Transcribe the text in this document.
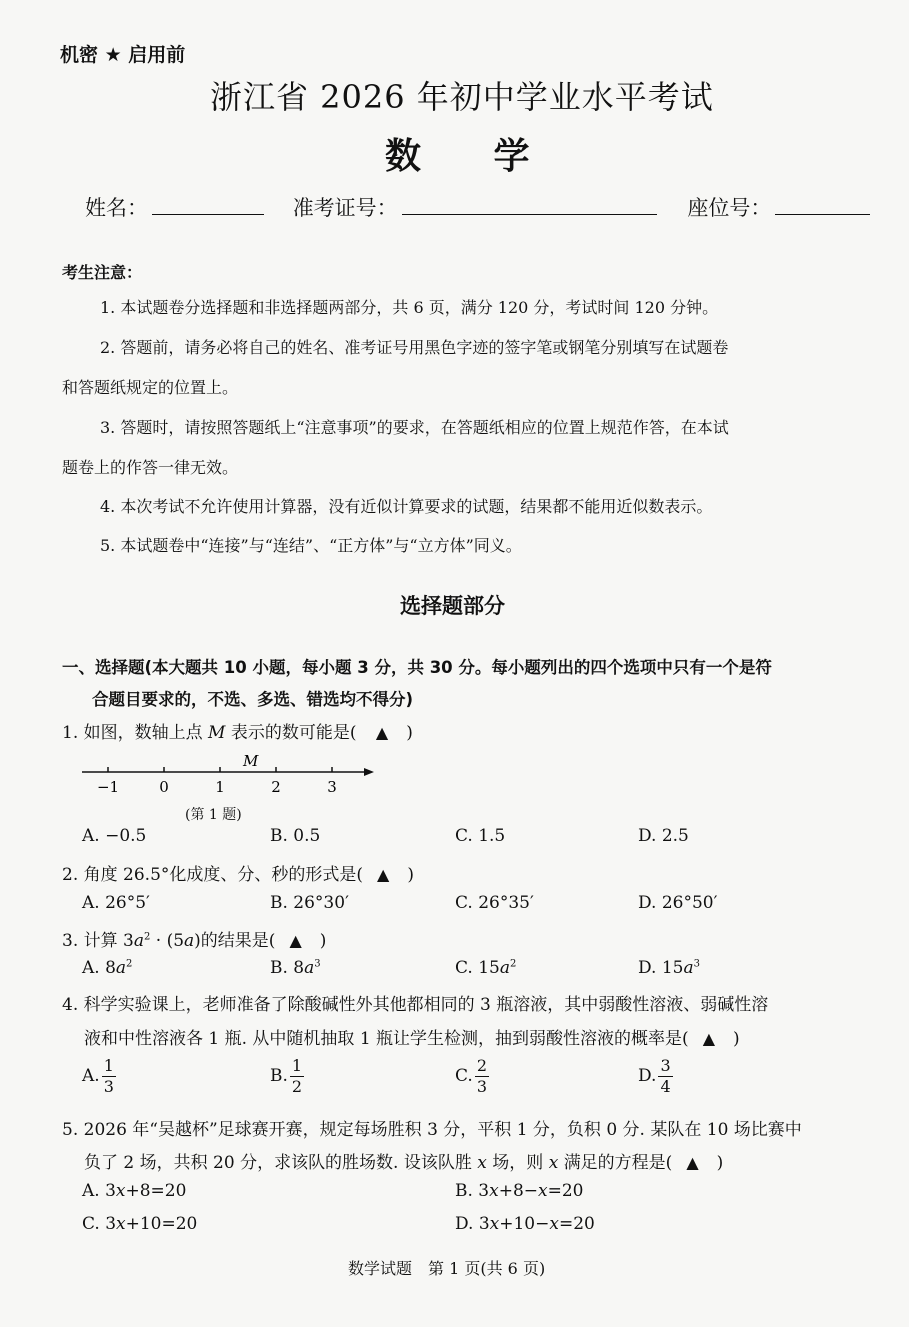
机密 ★ 启用前
浙江省 2026 年初中学业水平考试
数 学
姓名：	准考证号：	座位号：
考生注意：
1. 本试题卷分选择题和非选择题两部分，共 6 页，满分 120 分，考试时间 120 分钟。
2. 答题前，请务必将自己的姓名、准考证号用黑色字迹的签字笔或钢笔分别填写在试题卷
和答题纸规定的位置上。
3. 答题时，请按照答题纸上“注意事项”的要求，在答题纸相应的位置上规范作答，在本试
题卷上的作答一律无效。
4. 本次考试不允许使用计算器，没有近似计算要求的试题，结果都不能用近似数表示。
5. 本试题卷中“连接”与“连结”、“正方体”与“立方体”同义。
选择题部分
一、选择题(本大题共 10 小题，每小题 3 分，共 30 分。每小题列出的四个选项中只有一个是符
合题目要求的，不选、多选、错选均不得分)
1. 如图，数轴上点 M 表示的数可能是( ▲ )
−1	0	1	2	3
M
(第 1 题)
A. −0.5	B. 0.5	C. 1.5	D. 2.5
2. 角度 26.5°化成度、分、秒的形式是( ▲ )
A. 26°5′	B. 26°30′	C. 26°35′	D. 26°50′
3. 计算 $3a^2 \cdot (5a)$的结果是( ▲ )
A. $8a^2$	B. $8a^3$	C. $15a^2$	D. $15a^3$
4. 科学实验课上，老师准备了除酸碱性外其他都相同的 3 瓶溶液，其中弱酸性溶液、弱碱性溶
液和中性溶液各 1 瓶. 从中随机抽取 1 瓶让学生检测，抽到弱酸性溶液的概率是( ▲ )
A. $\frac{1}{3}$	B. $\frac{1}{2}$	C. $\frac{2}{3}$	D. $\frac{3}{4}$
5. 2026 年“吴越杯”足球赛开赛，规定每场胜积 3 分，平积 1 分，负积 0 分. 某队在 10 场比赛中
负了 2 场，共积 20 分，求该队的胜场数. 设该队胜 x 场，则 x 满足的方程是( ▲ )
A. 3x+8=20	B. 3x+8−x=20
C. 3x+10=20	D. 3x+10−x=20
数学试题　第 1 页(共 6 页)
